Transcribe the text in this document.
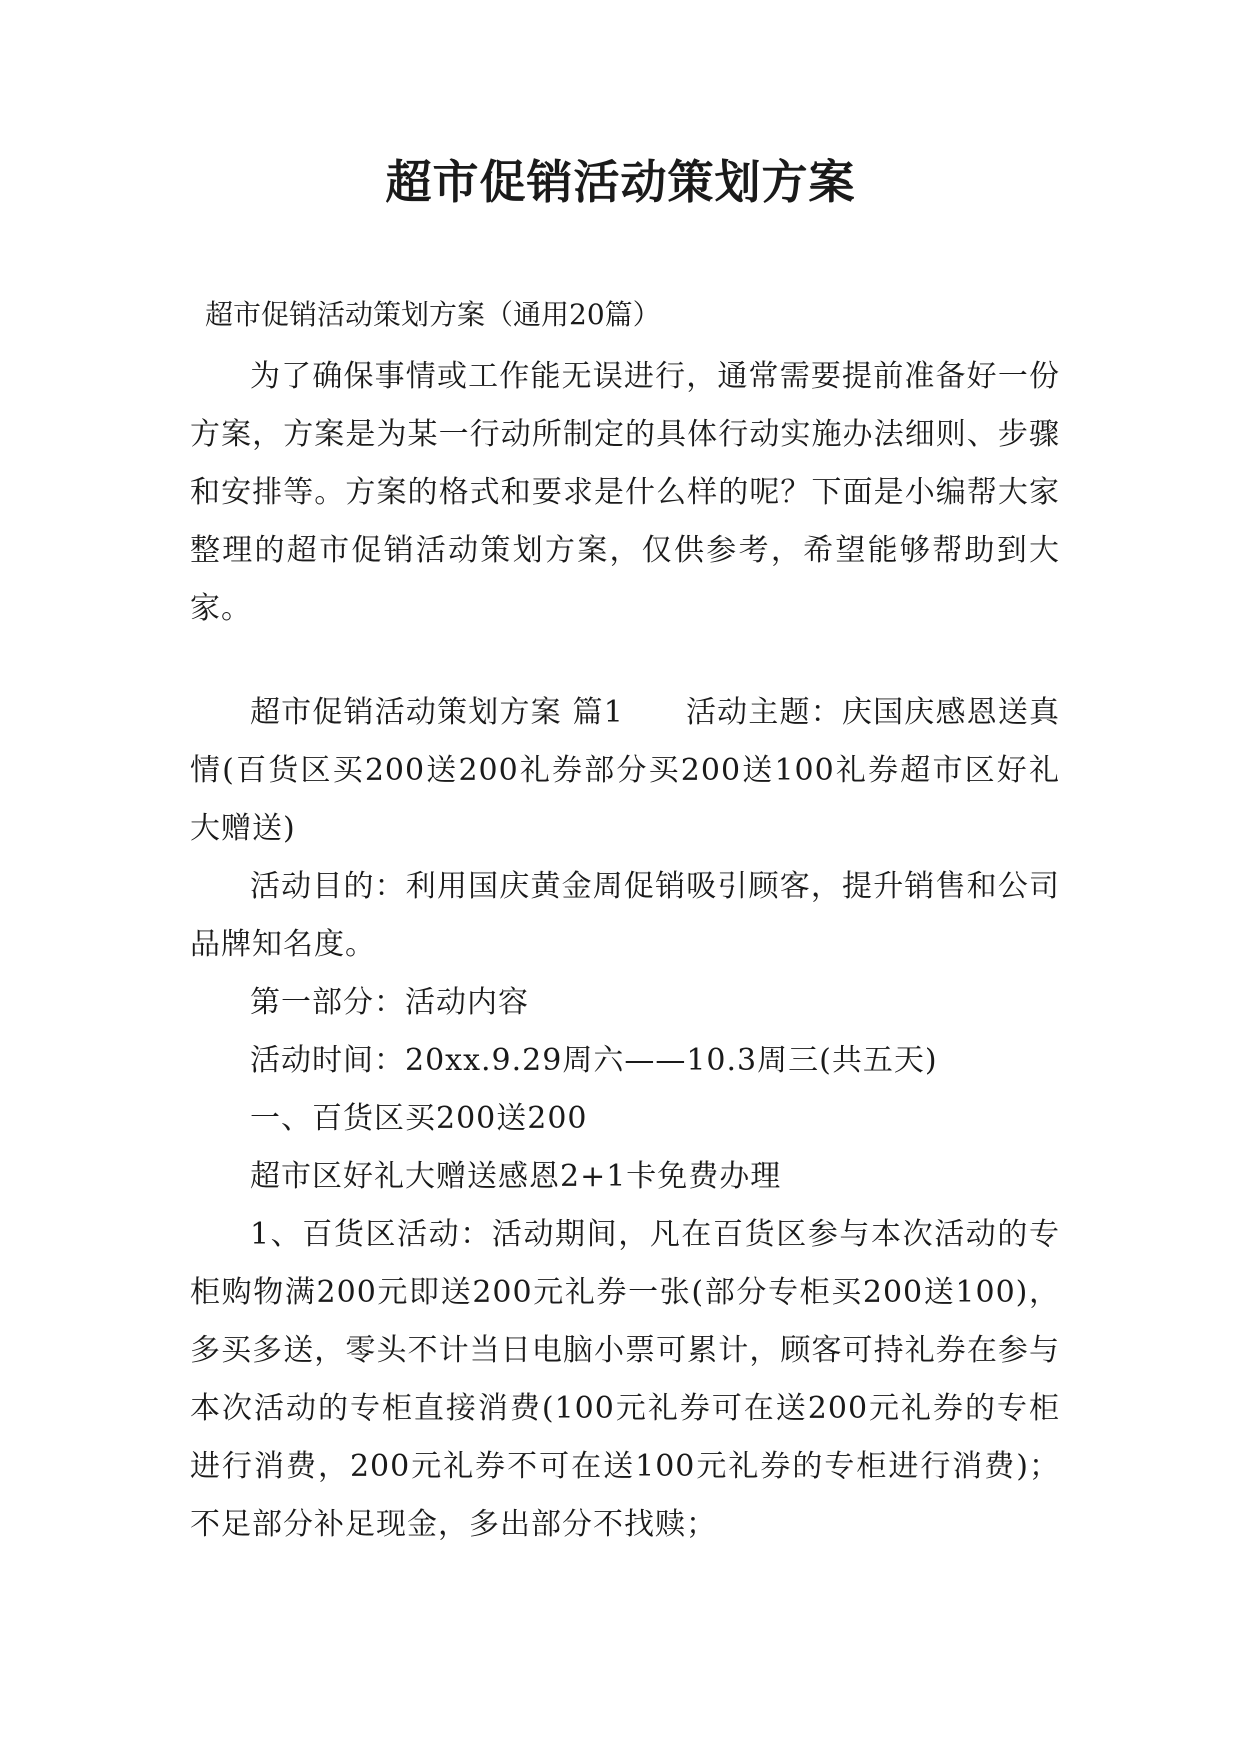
超市促销活动策划方案
超市促销活动策划方案（通用20篇）

为了确保事情或工作能无误进行，通常需要提前准备好一份方案，方案是为某一行动所制定的具体行动实施办法细则、步骤和安排等。方案的格式和要求是什么样的呢？下面是小编帮大家整理的超市促销活动策划方案，仅供参考，希望能够帮助到大家。

超市促销活动策划方案 篇1 活动主题：庆国庆感恩送真情(百货区买200送200礼券部分买200送100礼券超市区好礼大赠送)

活动目的：利用国庆黄金周促销吸引顾客，提升销售和公司品牌知名度。

第一部分：活动内容

活动时间：20xx.9.29周六——10.3周三(共五天)

一、百货区买200送200

超市区好礼大赠送感恩2+1卡免费办理

1、百货区活动：活动期间，凡在百货区参与本次活动的专柜购物满200元即送200元礼券一张(部分专柜买200送100)，多买多送，零头不计当日电脑小票可累计，顾客可持礼券在参与本次活动的专柜直接消费(100元礼券可在送200元礼券的专柜进行消费，200元礼券不可在送100元礼券的专柜进行消费)；不足部分补足现金，多出部分不找赎；
